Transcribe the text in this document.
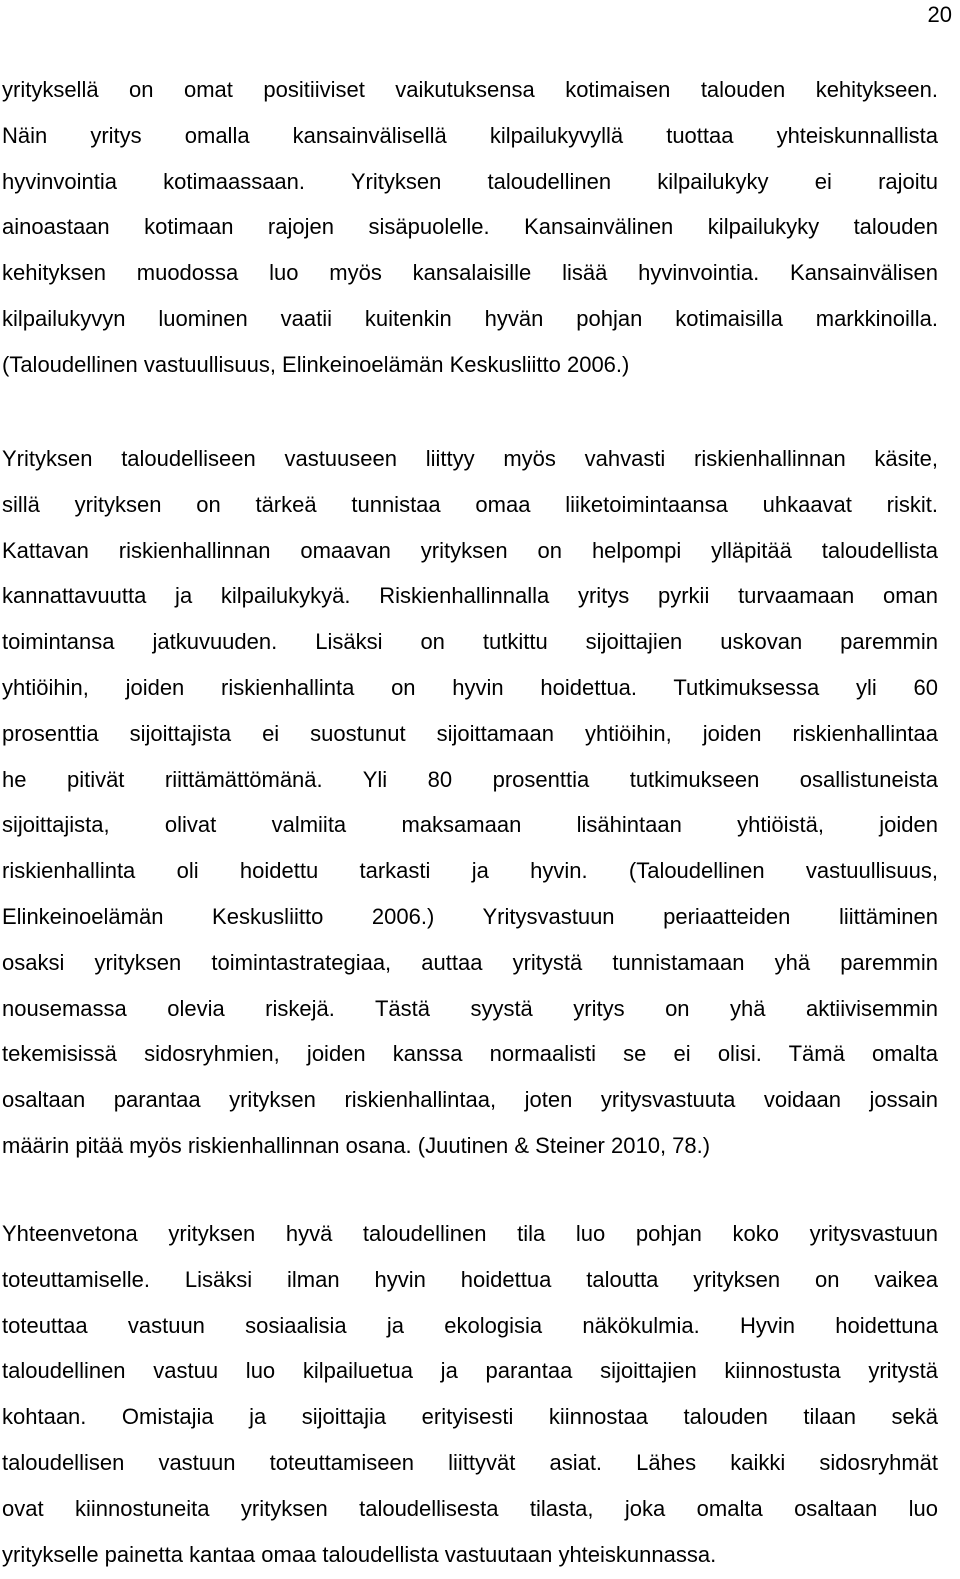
20
yrityksellä on omat positiiviset vaikutuksensa kotimaisen talouden kehitykseen.
Näin yritys omalla kansainvälisellä kilpailukyvyllä tuottaa yhteiskunnallista
hyvinvointia kotimaassaan. Yrityksen taloudellinen kilpailukyky ei rajoitu
ainoastaan kotimaan rajojen sisäpuolelle. Kansainvälinen kilpailukyky talouden
kehityksen muodossa luo myös kansalaisille lisää hyvinvointia. Kansainvälisen
kilpailukyvyn luominen vaatii kuitenkin hyvän pohjan kotimaisilla markkinoilla.
(Taloudellinen vastuullisuus, Elinkeinoelämän Keskusliitto 2006.)
Yrityksen taloudelliseen vastuuseen liittyy myös vahvasti riskienhallinnan käsite,
sillä yrityksen on tärkeä tunnistaa omaa liiketoimintaansa uhkaavat riskit.
Kattavan riskienhallinnan omaavan yrityksen on helpompi ylläpitää taloudellista
kannattavuutta ja kilpailukykyä. Riskienhallinnalla yritys pyrkii turvaamaan oman
toimintansa jatkuvuuden. Lisäksi on tutkittu sijoittajien uskovan paremmin
yhtiöihin, joiden riskienhallinta on hyvin hoidettua. Tutkimuksessa yli 60
prosenttia sijoittajista ei suostunut sijoittamaan yhtiöihin, joiden riskienhallintaa
he pitivät riittämättömänä. Yli 80 prosenttia tutkimukseen osallistuneista
sijoittajista, olivat valmiita maksamaan lisähintaan yhtiöistä, joiden
riskienhallinta oli hoidettu tarkasti ja hyvin. (Taloudellinen vastuullisuus,
Elinkeinoelämän Keskusliitto 2006.) Yritysvastuun periaatteiden liittäminen
osaksi yrityksen toimintastrategiaa, auttaa yritystä tunnistamaan yhä paremmin
nousemassa olevia riskejä. Tästä syystä yritys on yhä aktiivisemmin
tekemisissä sidosryhmien, joiden kanssa normaalisti se ei olisi. Tämä omalta
osaltaan parantaa yrityksen riskienhallintaa, joten yritysvastuuta voidaan jossain
määrin pitää myös riskienhallinnan osana. (Juutinen & Steiner 2010, 78.)
Yhteenvetona yrityksen hyvä taloudellinen tila luo pohjan koko yritysvastuun
toteuttamiselle. Lisäksi ilman hyvin hoidettua taloutta yrityksen on vaikea
toteuttaa vastuun sosiaalisia ja ekologisia näkökulmia. Hyvin hoidettuna
taloudellinen vastuu luo kilpailuetua ja parantaa sijoittajien kiinnostusta yritystä
kohtaan. Omistajia ja sijoittajia erityisesti kiinnostaa talouden tilaan sekä
taloudellisen vastuun toteuttamiseen liittyvät asiat. Lähes kaikki sidosryhmät
ovat kiinnostuneita yrityksen taloudellisesta tilasta, joka omalta osaltaan luo
yritykselle painetta kantaa omaa taloudellista vastuutaan yhteiskunnassa.
